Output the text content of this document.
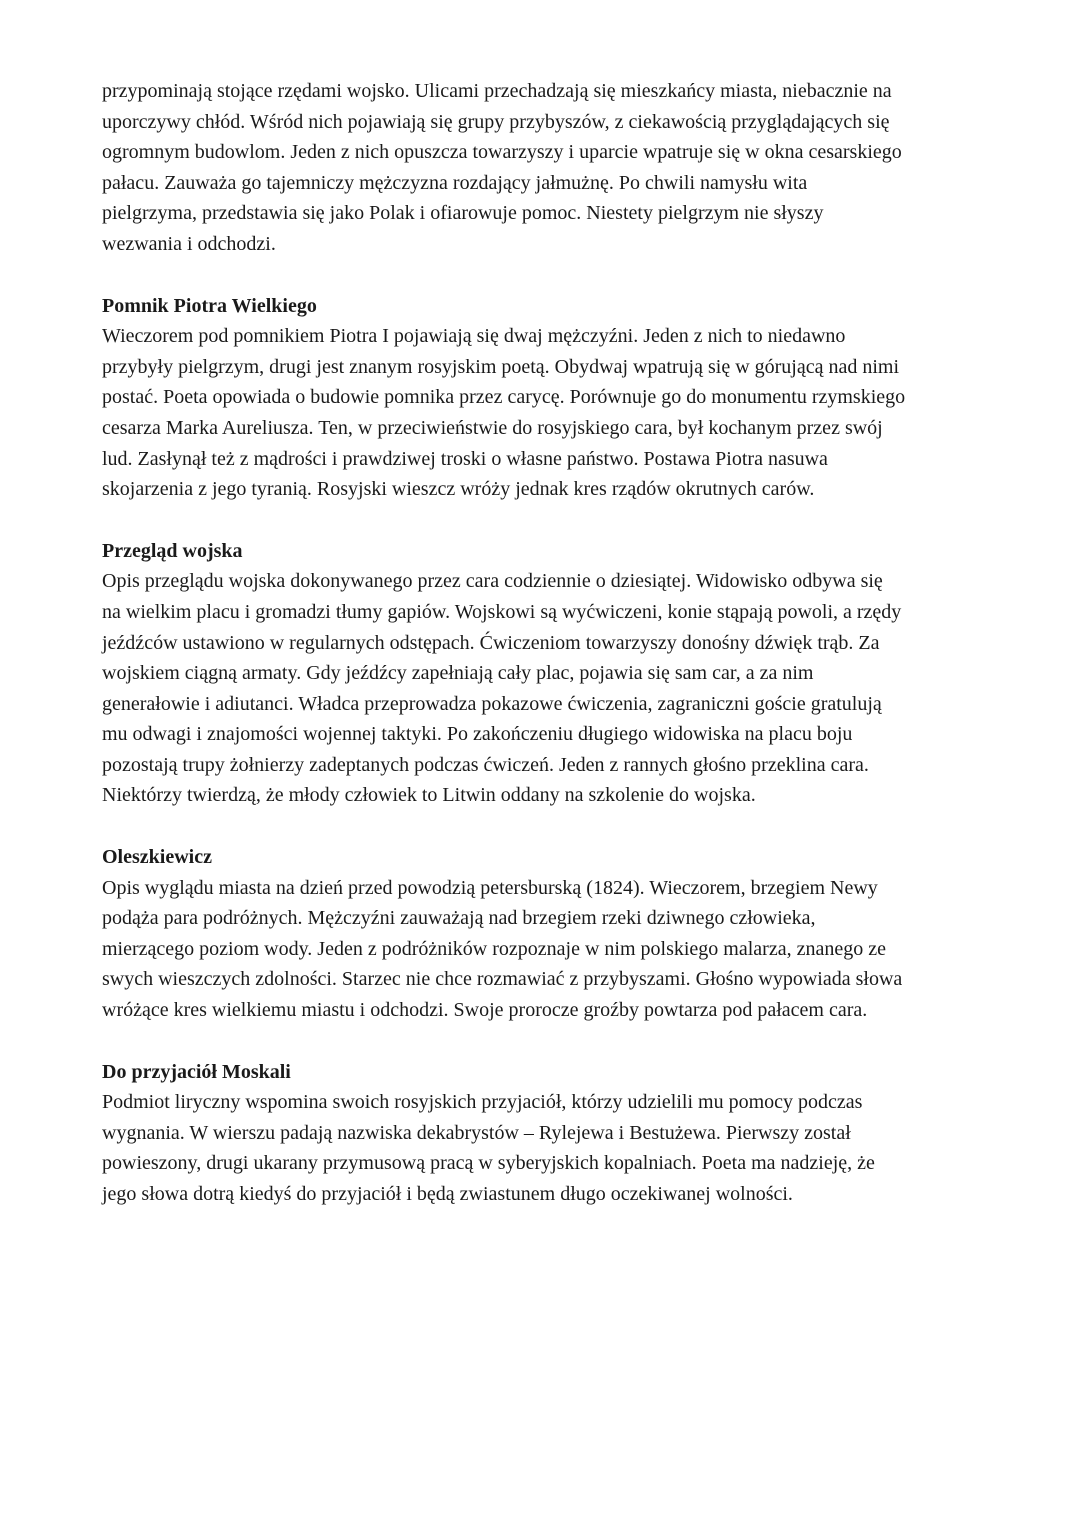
przypominają stojące rzędami wojsko. Ulicami przechadzają się mieszkańcy miasta, niebacznie na
uporczywy chłód. Wśród nich pojawiają się grupy przybyszów, z ciekawością przyglądających się
ogromnym budowlom. Jeden z nich opuszcza towarzyszy i uparcie wpatruje się w okna cesarskiego
pałacu. Zauważa go tajemniczy mężczyzna rozdający jałmużnę. Po chwili namysłu wita
pielgrzyma, przedstawia się jako Polak i ofiarowuje pomoc. Niestety pielgrzym nie słyszy
wezwania i odchodzi.

Pomnik Piotra Wielkiego

Wieczorem pod pomnikiem Piotra I pojawiają się dwaj mężczyźni. Jeden z nich to niedawno
przybyły pielgrzym, drugi jest znanym rosyjskim poetą. Obydwaj wpatrują się w górującą nad nimi
postać. Poeta opowiada o budowie pomnika przez carycę. Porównuje go do monumentu rzymskiego
cesarza Marka Aureliusza. Ten, w przeciwieństwie do rosyjskiego cara, był kochanym przez swój
lud. Zasłynął też z mądrości i prawdziwej troski o własne państwo. Postawa Piotra nasuwa
skojarzenia z jego tyranią. Rosyjski wieszcz wróży jednak kres rządów okrutnych carów.

Przegląd wojska

Opis przeglądu wojska dokonywanego przez cara codziennie o dziesiątej. Widowisko odbywa się
na wielkim placu i gromadzi tłumy gapiów. Wojskowi są wyćwiczeni, konie stąpają powoli, a rzędy
jeźdźców ustawiono w regularnych odstępach. Ćwiczeniom towarzyszy donośny dźwięk trąb. Za
wojskiem ciągną armaty. Gdy jeźdźcy zapełniają cały plac, pojawia się sam car, a za nim
generałowie i adiutanci. Władca przeprowadza pokazowe ćwiczenia, zagraniczni goście gratulują
mu odwagi i znajomości wojennej taktyki. Po zakończeniu długiego widowiska na placu boju
pozostają trupy żołnierzy zadeptanych podczas ćwiczeń. Jeden z rannych głośno przeklina cara.
Niektórzy twierdzą, że młody człowiek to Litwin oddany na szkolenie do wojska.

Oleszkiewicz

Opis wyglądu miasta na dzień przed powodzią petersburską (1824). Wieczorem, brzegiem Newy
podąża para podróżnych. Mężczyźni zauważają nad brzegiem rzeki dziwnego człowieka,
mierzącego poziom wody. Jeden z podróżników rozpoznaje w nim polskiego malarza, znanego ze
swych wieszczych zdolności. Starzec nie chce rozmawiać z przybyszami. Głośno wypowiada słowa
wróżące kres wielkiemu miastu i odchodzi. Swoje prorocze groźby powtarza pod pałacem cara.

Do przyjaciół Moskali

Podmiot liryczny wspomina swoich rosyjskich przyjaciół, którzy udzielili mu pomocy podczas
wygnania. W wierszu padają nazwiska dekabrystów – Rylejewa i Bestużewa. Pierwszy został
powieszony, drugi ukarany przymusową pracą w syberyjskich kopalniach. Poeta ma nadzieję, że
jego słowa dotrą kiedyś do przyjaciół i będą zwiastunem długo oczekiwanej wolności.
